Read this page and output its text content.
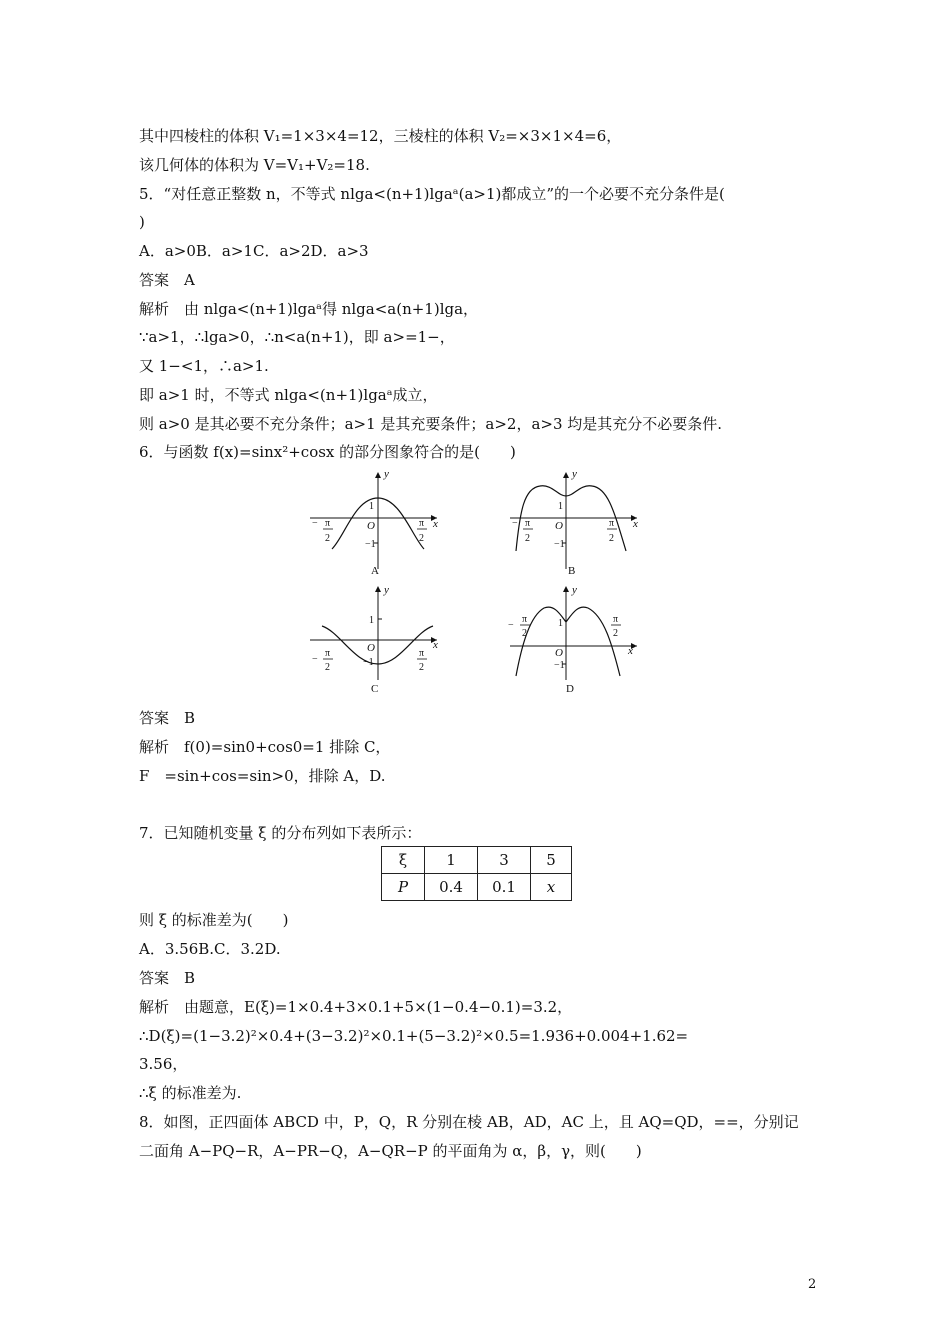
其中四棱柱的体积 V₁=1×3×4=12，三棱柱的体积 V₂=×3×1×4=6，
该几何体的体积为 V=V₁+V₂=18.
5．“对任意正整数 n，不等式 nlga<(n+1)lgaᵃ(a>1)都成立”的一个必要不充分条件是(
)
A．a>0B．a>1C．a>2D．a>3
答案　A
解析　由 nlga<(n+1)lgaᵃ得 nlga<a(n+1)lga，
∵a>1，∴lga>0，∴n<a(n+1)，即 a>=1−，
又 1−<1，∴a>1.
即 a>1 时，不等式 nlga<(n+1)lgaᵃ成立，
则 a>0 是其必要不充分条件；a>1 是其充要条件；a>2，a>3 均是其充分不必要条件.
6．与函数 f(x)=sinx²+cosx 的部分图象符合的是(　　)
y
x
O
1
−1
− π
2
π
2
A
y
x
O
1
−1
− π
2
π
2
B
y
x
O
1
−1
−
π
2
π
2
C
y
x
O
1
−1
−
π
2
π
2
D
答案　B
解析　f(0)=sin0+cos0=1 排除 C，
F　=sin+cos=sin>0，排除 A，D.
7．已知随机变量 ξ 的分布列如下表所示：
ξ	1	3	5
P	0.4	0.1	x
则 ξ 的标准差为(　　)
A．3.56B.C．3.2D.
答案　B
解析　由题意，E(ξ)=1×0.4+3×0.1+5×(1−0.4−0.1)=3.2，
∴D(ξ)=(1−3.2)²×0.4+(3−3.2)²×0.1+(5−3.2)²×0.5=1.936+0.004+1.62=
3.56，
∴ξ 的标准差为.
8．如图，正四面体 ABCD 中，P，Q，R 分别在棱 AB，AD，AC 上，且 AQ=QD，==，分别记
二面角 A−PQ−R，A−PR−Q，A−QR−P 的平面角为 α，β，γ，则(　　)
2
